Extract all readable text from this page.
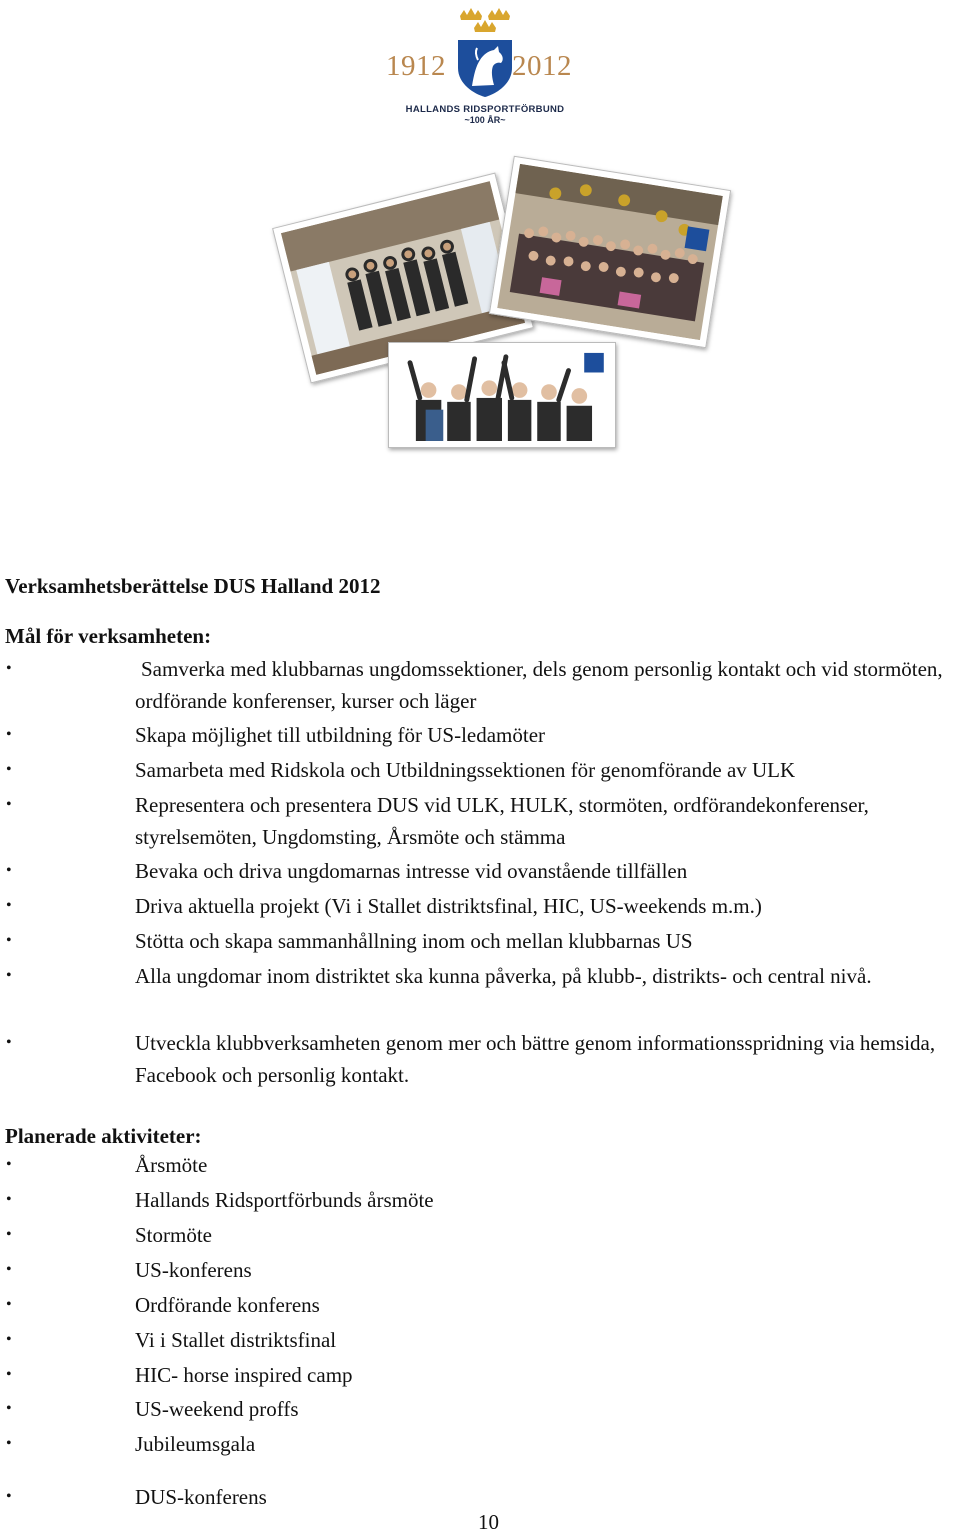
1912 2012
HALLANDS RIDSPORTFÖRBUND
~100 ÅR~
Verksamhetsberättelse DUS Halland 2012
Mål för verksamheten:
•	Samverka med klubbarnas ungdomssektioner, dels genom personlig kontakt och vid stormöten, ordförande konferenser, kurser och läger
•	Skapa möjlighet till utbildning för US-ledamöter
•	Samarbeta med Ridskola och Utbildningssektionen för genomförande av ULK
•	Representera och presentera DUS vid ULK, HULK, stormöten, ordförandekonferenser, styrelsemöten, Ungdomsting, Årsmöte och stämma
•	Bevaka och driva ungdomarnas intresse vid ovanstående tillfällen
•	Driva aktuella projekt (Vi i Stallet distriktsfinal, HIC, US-weekends m.m.)
•	Stötta och skapa sammanhållning inom och mellan klubbarnas US
•	Alla ungdomar inom distriktet ska kunna påverka, på klubb-, distrikts- och central nivå.
•	Utveckla klubbverksamheten genom mer och bättre genom informationsspridning via hemsida, Facebook och personlig kontakt.
Planerade aktiviteter:
•	Årsmöte
•	Hallands Ridsportförbunds årsmöte
•	Stormöte
•	US-konferens
•	Ordförande konferens
•	Vi i Stallet distriktsfinal
•	HIC- horse inspired camp
•	US-weekend proffs
•	Jubileumsgala
•	DUS-konferens
10
